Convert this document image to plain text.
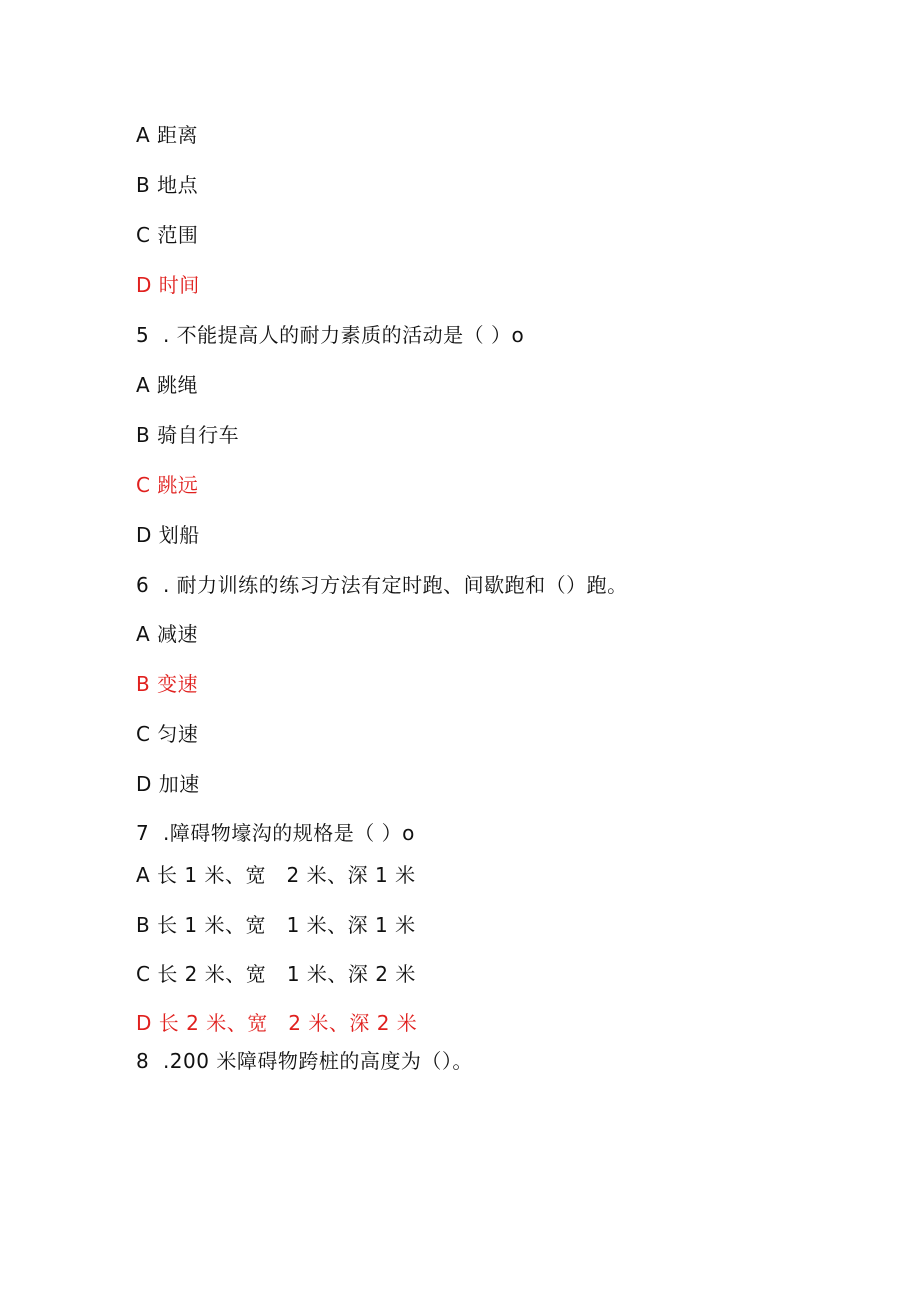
A 距离
B 地点
C 范围
D 时间
5  . 不能提高人的耐力素质的活动是（ ）o
A 跳绳
B 骑自行车
C 跳远
D 划船
6  . 耐力训练的练习方法有定时跑、间歇跑和（）跑。
A 减速
B 变速
C 匀速
D 加速
7  .障碍物壕沟的规格是（ ）o
A 长 1 米、宽   2 米、深 1 米
B 长 1 米、宽   1 米、深 1 米
C 长 2 米、宽   1 米、深 2 米
D 长 2 米、宽   2 米、深 2 米
8  .200 米障碍物跨桩的高度为（）。
